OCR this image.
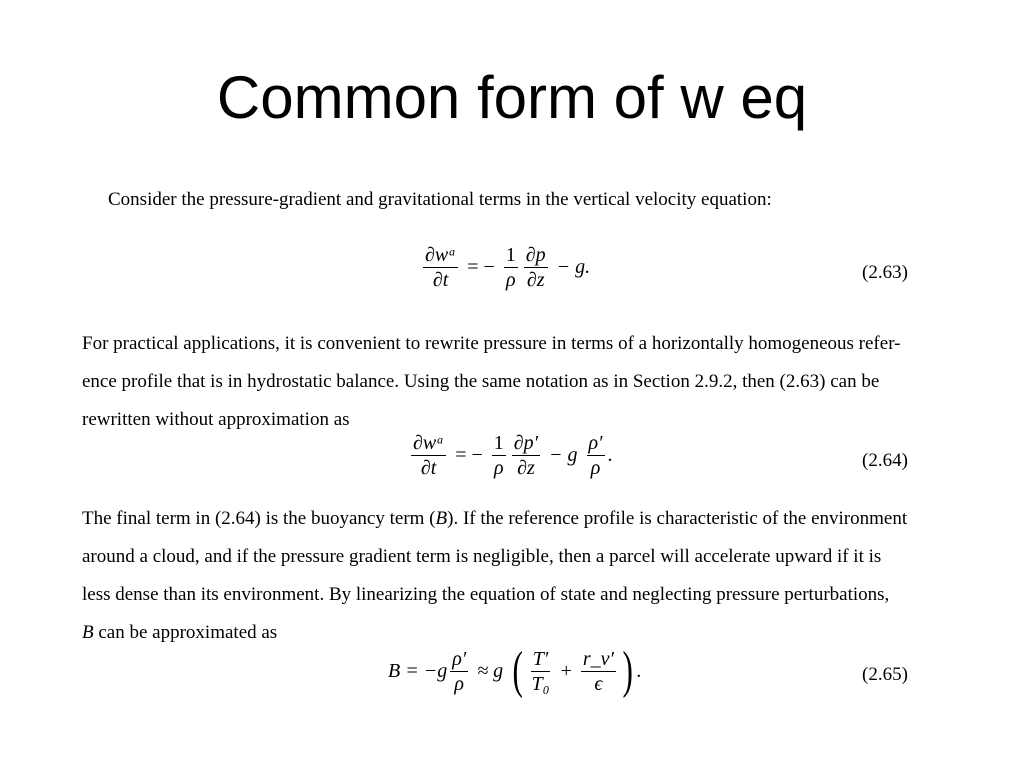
Common form of w eq
Consider the pressure-gradient and gravitational terms in the vertical velocity equation:
$\frac{\text{∂wᵃ}}{\partial t}$ = − $\frac{1}{\rho} \frac{\partial p}{\partial z} - g$.	(2.63)
For practical applications, it is convenient to rewrite pressure in terms of a horizontally homogeneous refer-
ence profile that is in hydrostatic balance. Using the same notation as in Section 2.9.2, then (2.63) can be
rewritten without approximation as
$\frac{\text{∂wᵃ}}{\partial t}$ = − $\frac{1}{\rho} \frac{\partial p'}{\partial z} - g \frac{\rho'}{\rho}$ .	(2.64)
The final term in (2.64) is the buoyancy term (B). If the reference profile is characteristic of the environment
around a cloud, and if the pressure gradient term is negligible, then a parcel will accelerate upward if it is
less dense than its environment. By linearizing the equation of state and neglecting pressure perturbations,
B can be approximated as
$B = -g \frac{\rho'}{\rho} \approx g$ ( $\frac{T'}{\text{T₀}} + \frac{r\_v'}{\epsilon}$ ) .	(2.65)
